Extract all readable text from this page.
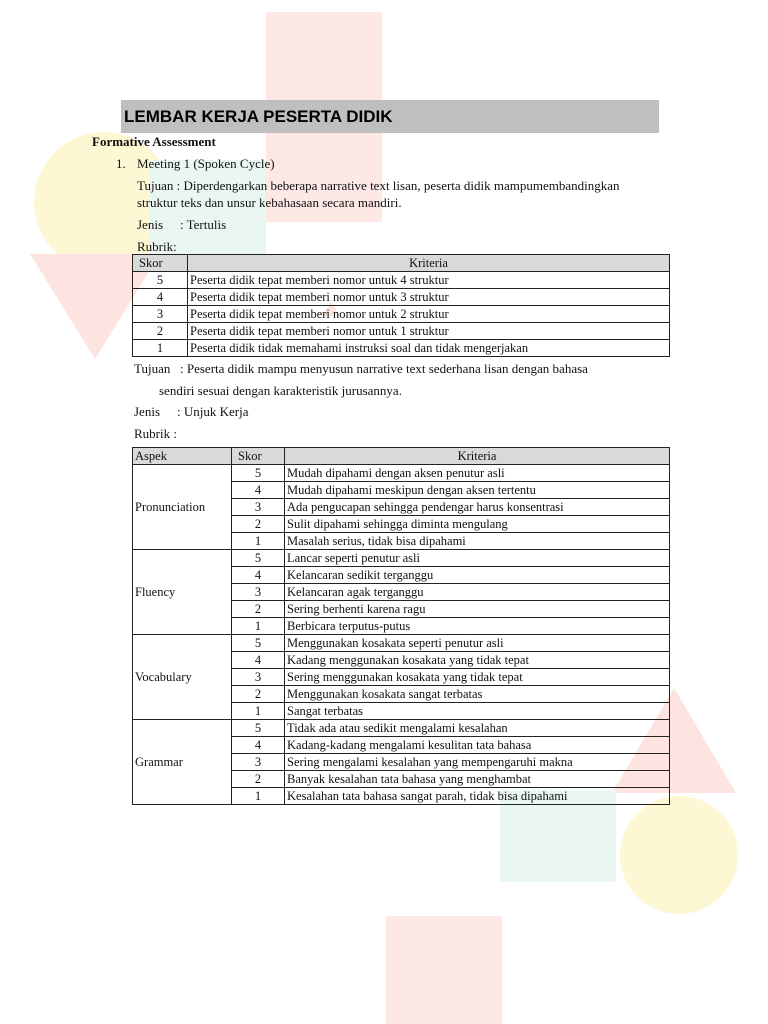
LEMBAR KERJA PESERTA DIDIK
Formative Assessment
1. Meeting 1 (Spoken Cycle)
Tujuan : Diperdengarkan beberapa narrative text lisan, peserta didik mampumembandingkan
struktur teks dan unsur kebahasaan secara mandiri.
Jenis : Tertulis
Rubrik:
Skor	Kriteria
5	Peserta didik tepat memberi nomor untuk 4 struktur
4	Peserta didik tepat memberi nomor untuk 3 struktur
3	Peserta didik tepat memberi nomor untuk 2 struktur
2	Peserta didik tepat memberi nomor untuk 1 struktur
1	Peserta didik tidak memahami instruksi soal dan tidak mengerjakan
Tujuan : Peserta didik mampu menyusun narrative text sederhana lisan dengan bahasa
sendiri sesuai dengan karakteristik jurusannya.
Jenis : Unjuk Kerja
Rubrik :
Aspek	Skor	Kriteria
Pronunciation	5	Mudah dipahami dengan aksen penutur asli
	4	Mudah dipahami meskipun dengan aksen tertentu
	3	Ada pengucapan sehingga pendengar harus konsentrasi
	2	Sulit dipahami sehingga diminta mengulang
	1	Masalah serius, tidak bisa dipahami
Fluency	5	Lancar seperti penutur asli
	4	Kelancaran sedikit terganggu
	3	Kelancaran agak terganggu
	2	Sering berhenti karena ragu
	1	Berbicara terputus-putus
Vocabulary	5	Menggunakan kosakata seperti penutur asli
	4	Kadang menggunakan kosakata yang tidak tepat
	3	Sering menggunakan kosakata yang tidak tepat
	2	Menggunakan kosakata sangat terbatas
	1	Sangat terbatas
Grammar	5	Tidak ada atau sedikit mengalami kesalahan
	4	Kadang-kadang mengalami kesulitan tata bahasa
	3	Sering mengalami kesalahan yang mempengaruhi makna
	2	Banyak kesalahan tata bahasa yang menghambat
	1	Kesalahan tata bahasa sangat parah, tidak bisa dipahami
